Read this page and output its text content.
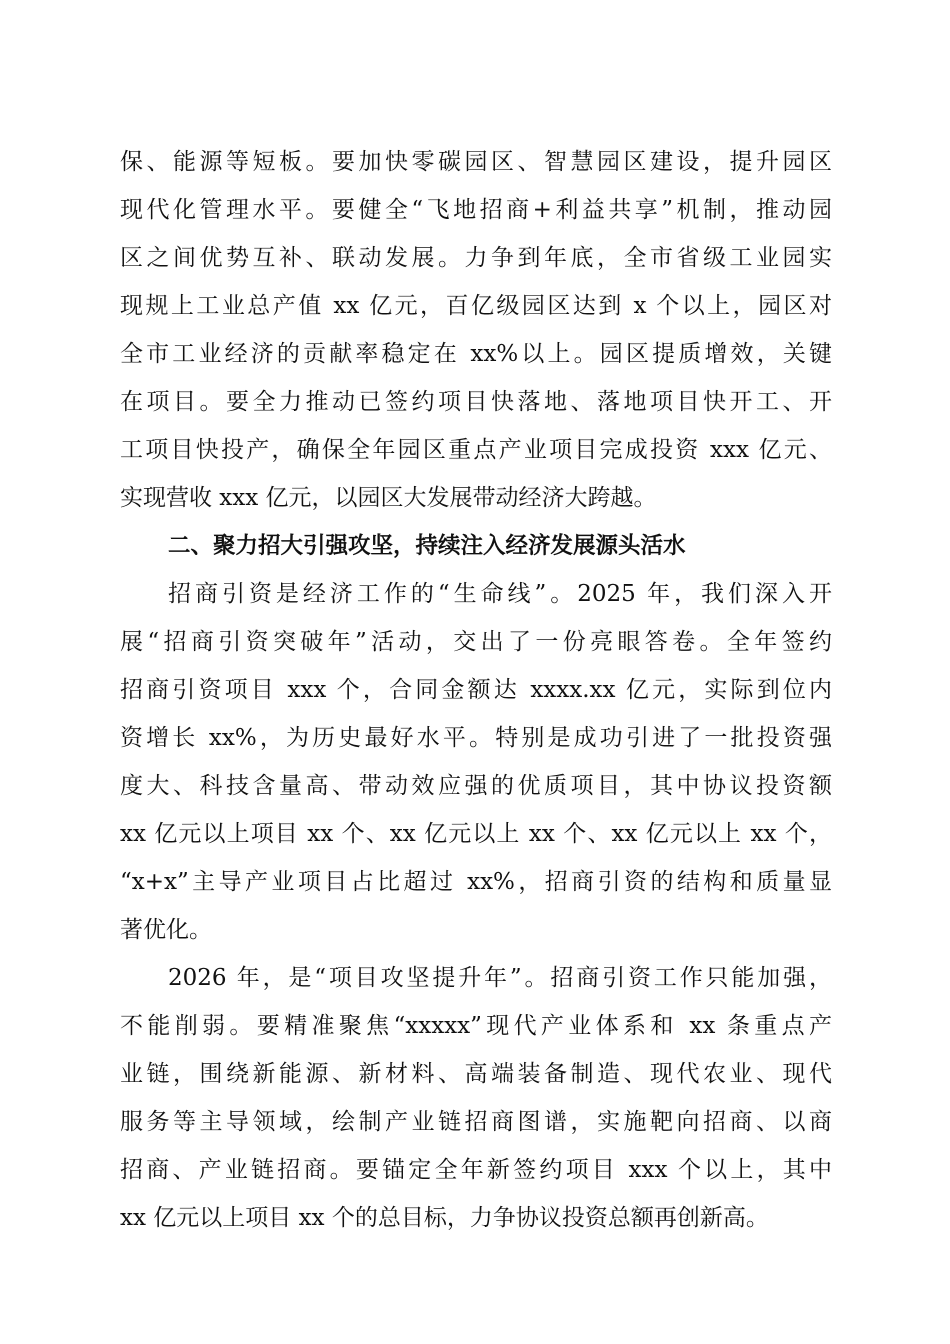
保、能源等短板。要加快零碳园区、智慧园区建设，提升园区
现代化管理水平。要健全“飞地招商+利益共享”机制，推动园
区之间优势互补、联动发展。力争到年底，全市省级工业园实
现规上工业总产值 xx 亿元，百亿级园区达到 x 个以上，园区对
全市工业经济的贡献率稳定在 xx%以上。园区提质增效，关键
在项目。要全力推动已签约项目快落地、落地项目快开工、开
工项目快投产，确保全年园区重点产业项目完成投资 xxx 亿元、
实现营收 xxx 亿元，以园区大发展带动经济大跨越。
二、聚力招大引强攻坚，持续注入经济发展源头活水
招商引资是经济工作的“生命线”。2025 年，我们深入开
展“招商引资突破年”活动，交出了一份亮眼答卷。全年签约
招商引资项目 xxx 个，合同金额达 xxxx.xx 亿元，实际到位内
资增长 xx%，为历史最好水平。特别是成功引进了一批投资强
度大、科技含量高、带动效应强的优质项目，其中协议投资额
xx 亿元以上项目 xx 个、xx 亿元以上 xx 个、xx 亿元以上 xx 个，
“x+x”主导产业项目占比超过 xx%，招商引资的结构和质量显
著优化。
2026 年，是“项目攻坚提升年”。招商引资工作只能加强，
不能削弱。要精准聚焦“xxxxx”现代产业体系和 xx 条重点产
业链，围绕新能源、新材料、高端装备制造、现代农业、现代
服务等主导领域，绘制产业链招商图谱，实施靶向招商、以商
招商、产业链招商。要锚定全年新签约项目 xxx 个以上，其中
xx 亿元以上项目 xx 个的总目标，力争协议投资总额再创新高。
